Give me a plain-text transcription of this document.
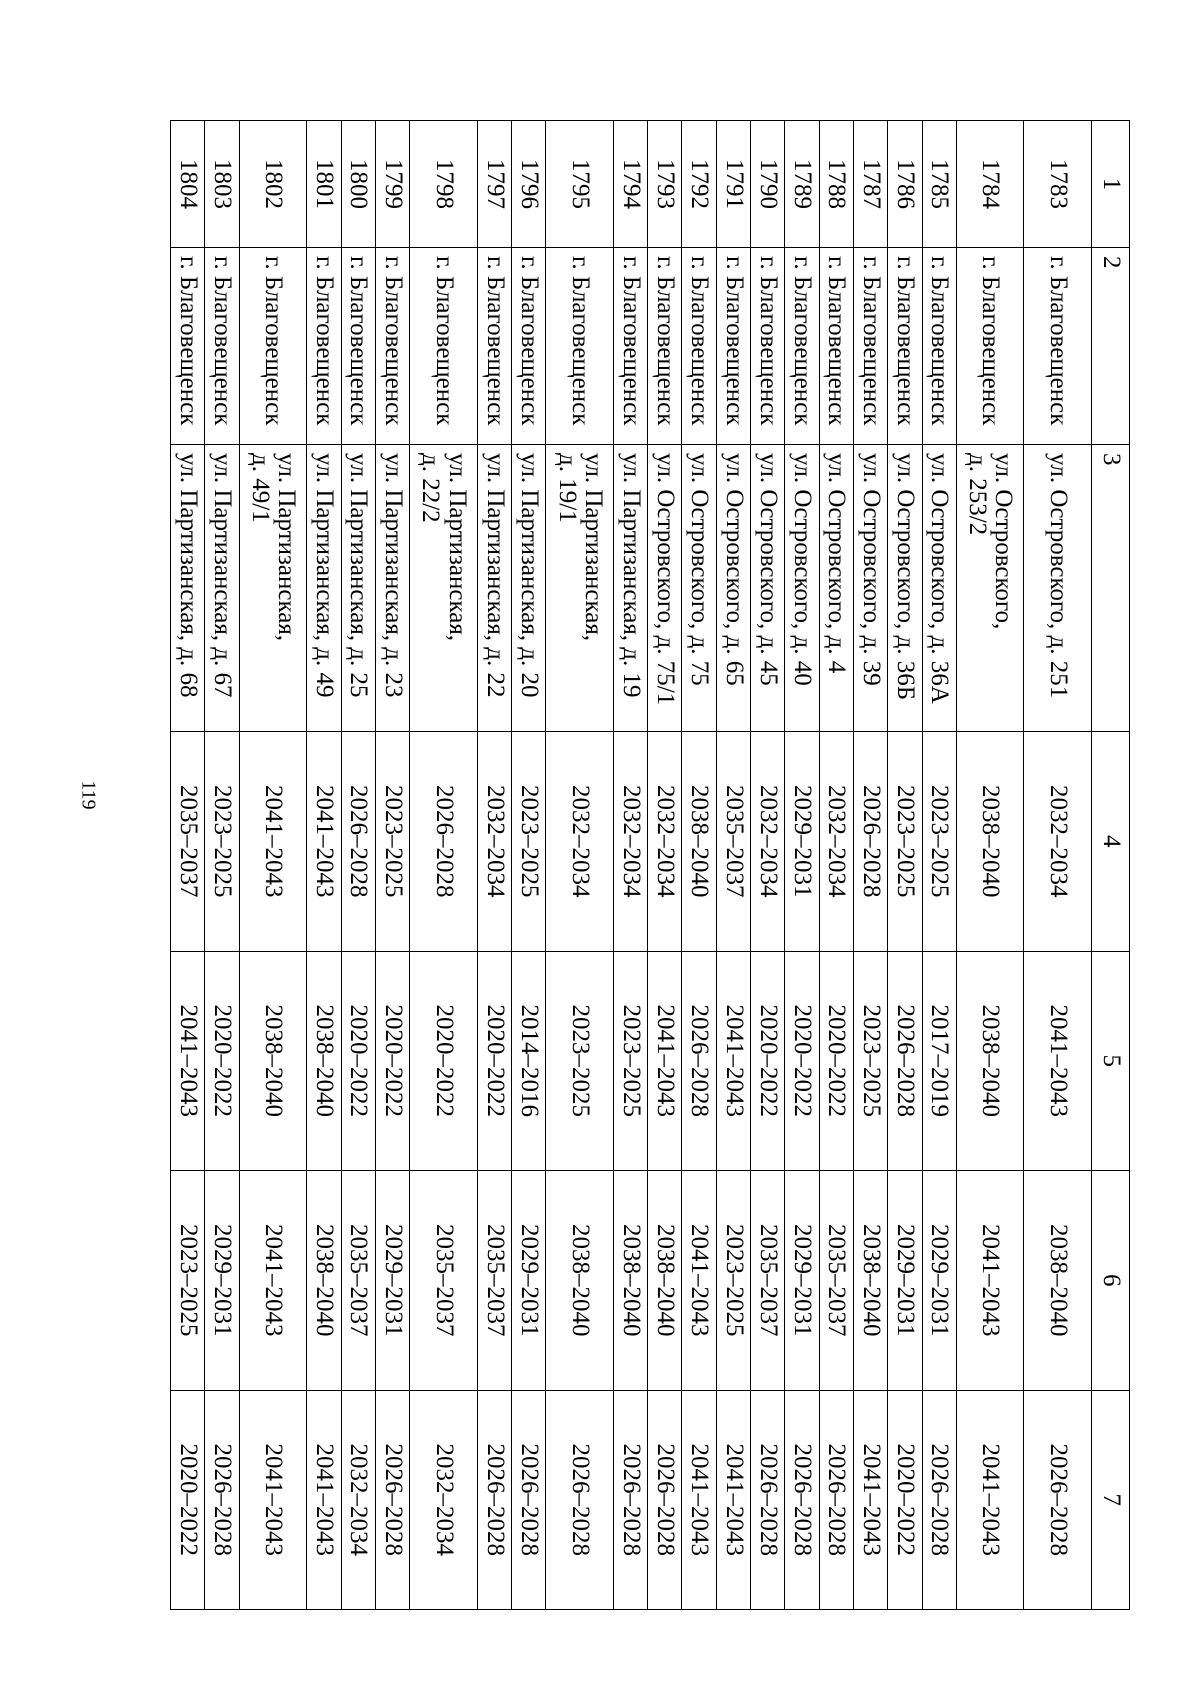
119
1	2	3	4	5	6	7
1783	г. Благовещенск	ул. Островского, д. 251	2032–2034	2041–2043	2038–2040	2026–2028
1784	г. Благовещенск	ул. Островского,
д. 253/2	2038–2040	2038–2040	2041–2043	2041–2043
1785	г. Благовещенск	ул. Островского, д. 36А	2023–2025	2017–2019	2029–2031	2026–2028
1786	г. Благовещенск	ул. Островского, д. 36Б	2023–2025	2026–2028	2029–2031	2020–2022
1787	г. Благовещенск	ул. Островского, д. 39	2026–2028	2023–2025	2038–2040	2041–2043
1788	г. Благовещенск	ул. Островского, д. 4	2032–2034	2020–2022	2035–2037	2026–2028
1789	г. Благовещенск	ул. Островского, д. 40	2029–2031	2020–2022	2029–2031	2026–2028
1790	г. Благовещенск	ул. Островского, д. 45	2032–2034	2020–2022	2035–2037	2026–2028
1791	г. Благовещенск	ул. Островского, д. 65	2035–2037	2041–2043	2023–2025	2041–2043
1792	г. Благовещенск	ул. Островского, д. 75	2038–2040	2026–2028	2041–2043	2041–2043
1793	г. Благовещенск	ул. Островского, д. 75/1	2032–2034	2041–2043	2038–2040	2026–2028
1794	г. Благовещенск	ул. Партизанская, д. 19	2032–2034	2023–2025	2038–2040	2026–2028
1795	г. Благовещенск	ул. Партизанская,
д. 19/1	2032–2034	2023–2025	2038–2040	2026–2028
1796	г. Благовещенск	ул. Партизанская, д. 20	2023–2025	2014–2016	2029–2031	2026–2028
1797	г. Благовещенск	ул. Партизанская, д. 22	2032–2034	2020–2022	2035–2037	2026–2028
1798	г. Благовещенск	ул. Партизанская,
д. 22/2	2026–2028	2020–2022	2035–2037	2032–2034
1799	г. Благовещенск	ул. Партизанская, д. 23	2023–2025	2020–2022	2029–2031	2026–2028
1800	г. Благовещенск	ул. Партизанская, д. 25	2026–2028	2020–2022	2035–2037	2032–2034
1801	г. Благовещенск	ул. Партизанская, д. 49	2041–2043	2038–2040	2038–2040	2041–2043
1802	г. Благовещенск	ул. Партизанская,
д. 49/1	2041–2043	2038–2040	2041–2043	2041–2043
1803	г. Благовещенск	ул. Партизанская, д. 67	2023–2025	2020–2022	2029–2031	2026–2028
1804	г. Благовещенск	ул. Партизанская, д. 68	2035–2037	2041–2043	2023–2025	2020–2022
